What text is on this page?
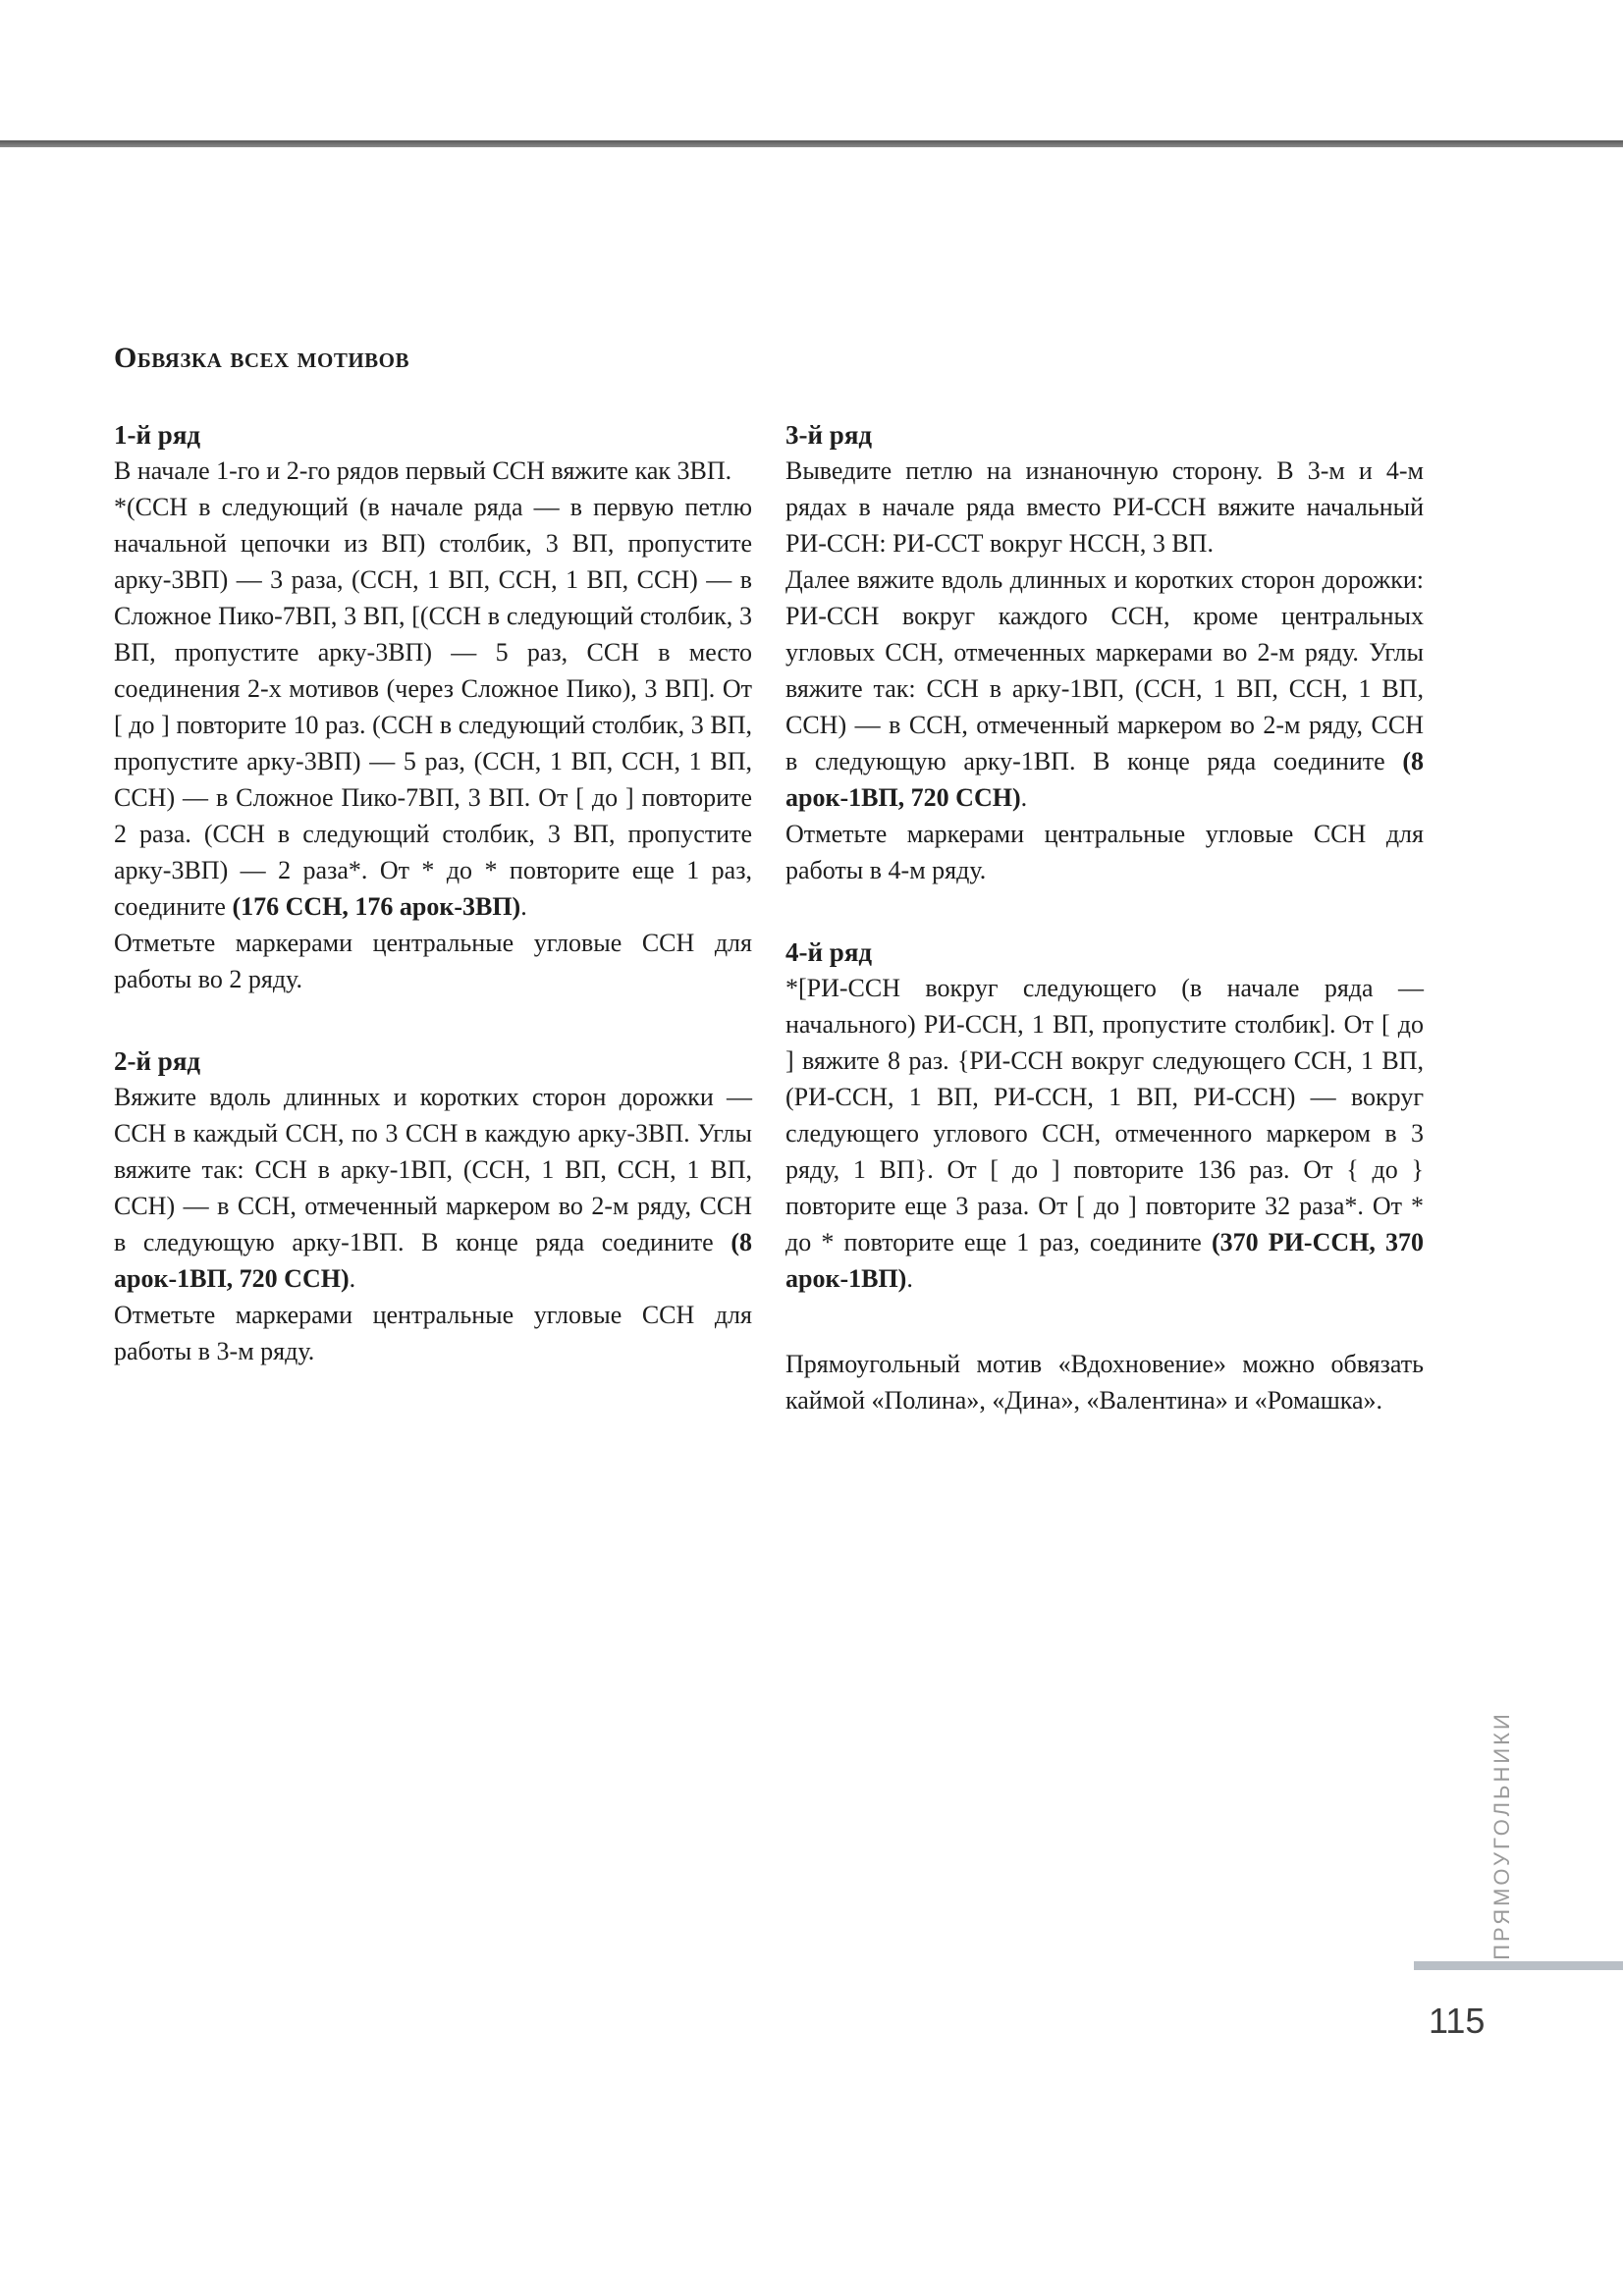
Обвязка всех мотивов
1-й ряд

В начале 1-го и 2-го рядов первый ССН вяжите как 3ВП.

*(ССН в следующий (в начале ряда — в первую петлю начальной цепочки из ВП) столбик, 3 ВП, пропустите арку-3ВП) — 3 раза, (ССН, 1 ВП, ССН, 1 ВП, ССН) — в Сложное Пико-7ВП, 3 ВП, [(ССН в следующий столбик, 3 ВП, пропустите арку-3ВП) — 5 раз, ССН в место соединения 2-х мотивов (через Сложное Пико), 3 ВП]. От [ до ] повторите 10 раз. (ССН в следующий столбик, 3 ВП, пропустите арку-3ВП) — 5 раз, (ССН, 1 ВП, ССН, 1 ВП, ССН) — в Сложное Пико-7ВП, 3 ВП. От [ до ] повторите 2 раза. (ССН в следующий столбик, 3 ВП, пропустите арку-3ВП) — 2 раза*. От * до * повторите еще 1 раз, соедините (176 ССН, 176 арок-3ВП).

Отметьте маркерами центральные угловые ССН для работы во 2 ряду.

2-й ряд

Вяжите вдоль длинных и коротких сторон дорожки — ССН в каждый ССН, по 3 ССН в каждую арку-3ВП. Углы вяжите так: ССН в арку-1ВП, (ССН, 1 ВП, ССН, 1 ВП, ССН) — в ССН, отмеченный маркером во 2-м ряду, ССН в следующую арку-1ВП. В конце ряда соедините (8 арок-1ВП, 720 ССН).

Отметьте маркерами центральные угловые ССН для работы в 3-м ряду.

3-й ряд

Выведите петлю на изнаночную сторону. В 3-м и 4-м рядах в начале ряда вместо РИ-ССН вяжите начальный РИ-ССН: РИ-ССТ вокруг НССН, 3 ВП.

Далее вяжите вдоль длинных и коротких сторон дорожки: РИ-ССН вокруг каждого ССН, кроме центральных угловых ССН, отмеченных маркерами во 2-м ряду. Углы вяжите так: ССН в арку-1ВП, (ССН, 1 ВП, ССН, 1 ВП, ССН) — в ССН, отмеченный маркером во 2-м ряду, ССН в следующую арку-1ВП. В конце ряда соедините (8 арок-1ВП, 720 ССН).

Отметьте маркерами центральные угловые ССН для работы в 4-м ряду.

4-й ряд

*[РИ-ССН вокруг следующего (в начале ряда — начального) РИ-ССН, 1 ВП, пропустите столбик]. От [ до ] вяжите 8 раз. {РИ-ССН вокруг следующего ССН, 1 ВП, (РИ-ССН, 1 ВП, РИ-ССН, 1 ВП, РИ-ССН) — вокруг следующего углового ССН, отмеченного маркером в 3 ряду, 1 ВП}. От [ до ] повторите 136 раз. От { до } повторите еще 3 раза. От [ до ] повторите 32 раза*. От * до * повторите еще 1 раз, соедините (370 РИ-ССН, 370 арок-1ВП).

Прямоугольный мотив «Вдохновение» можно обвязать каймой «Полина», «Дина», «Валентина» и «Ромашка».

ПРЯМОУГОЛЬНИКИ

115
